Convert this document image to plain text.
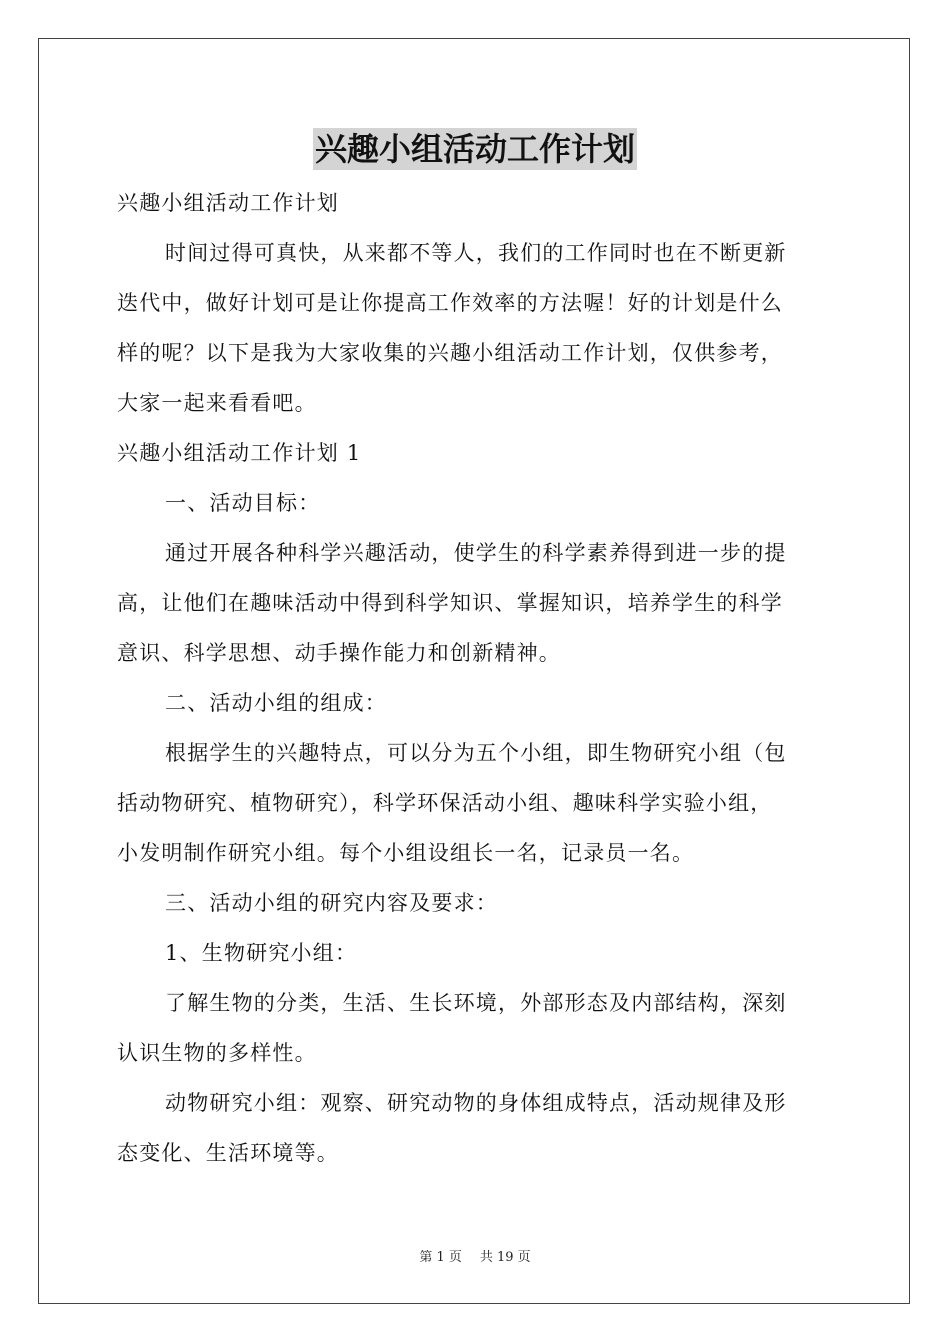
兴趣小组活动工作计划

兴趣小组活动工作计划

时间过得可真快，从来都不等人，我们的工作同时也在不断更新

迭代中，做好计划可是让你提高工作效率的方法喔！好的计划是什么

样的呢？以下是我为大家收集的兴趣小组活动工作计划，仅供参考，

大家一起来看看吧。

兴趣小组活动工作计划 1

一、活动目标：

通过开展各种科学兴趣活动，使学生的科学素养得到进一步的提

高，让他们在趣味活动中得到科学知识、掌握知识，培养学生的科学

意识、科学思想、动手操作能力和创新精神。

二、活动小组的组成：

根据学生的兴趣特点，可以分为五个小组，即生物研究小组（包

括动物研究、植物研究），科学环保活动小组、趣味科学实验小组，

小发明制作研究小组。每个小组设组长一名，记录员一名。

三、活动小组的研究内容及要求：

1、生物研究小组：

了解生物的分类，生活、生长环境，外部形态及内部结构，深刻

认识生物的多样性。

动物研究小组：观察、研究动物的身体组成特点，活动规律及形

态变化、生活环境等。

第 1 页 共 19 页
